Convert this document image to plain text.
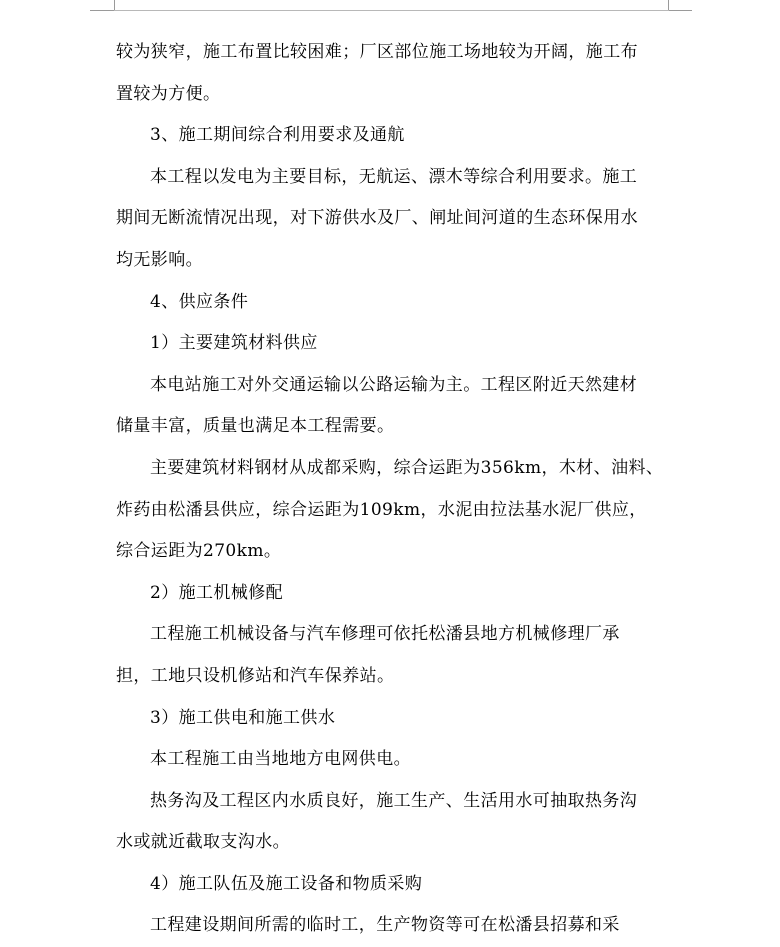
较为狭窄，施工布置比较困难；厂区部位施工场地较为开阔，施工布
置较为方便。
3、施工期间综合利用要求及通航
本工程以发电为主要目标，无航运、漂木等综合利用要求。施工
期间无断流情况出现，对下游供水及厂、闸址间河道的生态环保用水
均无影响。
4、供应条件
1）主要建筑材料供应
本电站施工对外交通运输以公路运输为主。工程区附近天然建材
储量丰富，质量也满足本工程需要。
主要建筑材料钢材从成都采购，综合运距为356km，木材、油料、
炸药由松潘县供应，综合运距为109km，水泥由拉法基水泥厂供应，
综合运距为270km。
2）施工机械修配
工程施工机械设备与汽车修理可依托松潘县地方机械修理厂承
担，工地只设机修站和汽车保养站。
3）施工供电和施工供水
本工程施工由当地地方电网供电。
热务沟及工程区内水质良好，施工生产、生活用水可抽取热务沟
水或就近截取支沟水。
4）施工队伍及施工设备和物质采购
工程建设期间所需的临时工，生产物资等可在松潘县招募和采
